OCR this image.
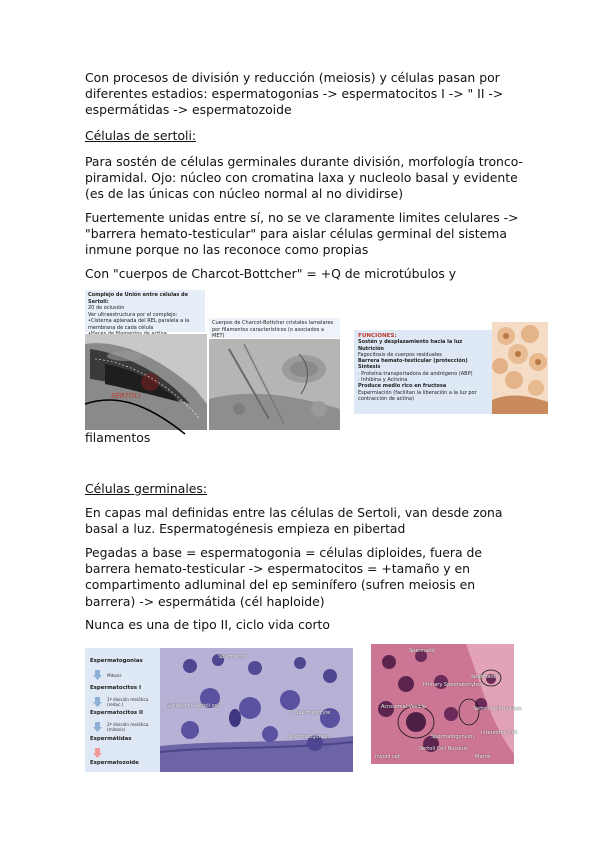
Con procesos de división y reducción (meiosis) y células pasan por diferentes estadios: espermatogonias -> espermatocitos I -> " II -> espermátidas -> espermatozoide

Células de sertoli:

Para sostén de células germinales durante división, morfología tronco-piramidal. Ojo: núcleo con cromatina laxa y nucleolo basal y evidente (es de las únicas con núcleo normal al no dividirse)

Fuertemente unidas entre sí, no se ve claramente limites celulares -> "barrera hemato-testicular" para aislar células germinal del sistema inmune porque no las reconoce como propias

Con "cuerpos de Charcot-Bottcher" = +Q de microtúbulos y

Complejo de Unión entre células de Sertoli:
20 de oclusión
Ver ultraestructura por el complejo:
•Cisterna aplanada del REL paralela a la membrana de cada célula
Cuerpos de Charcot-Bottcher cristales lamelares por filamentos característicos (o asociados a MET)
SERTOLI
FUNCIONES:
Sostén y desplazamiento hacia la luz
Nutrición
Fagocitosis de cuerpos residuales
Barrera hemato-testicular (protección)
Síntesis
· Proteína transportadora de andrógeno (ABP)
· Inhibina y Activina
Produce medio rico en fructosa
Espermiación (facilitan la liberación a la luz por contracción de actina)

filamentos

Células germinales:

En capas mal definidas entre las células de Sertoli, van desde zona basal a luz. Espermatogénesis empieza en pibertad

Pegadas a base = espermatogonia = células diploides, fuera de barrera hemato-testicular -> espermatocitos = +tamaño y en compartimento adluminal del ep seminífero (sufren meiosis en barrera) -> espermátida (cél haploide)

Nunca es una de tipo II, ciclo vida corto

Espermatogonias
Mitosis
Espermatocitos I
1ª división meiótica (reduc.)
Espermatocitos II
2ª división meiótica (mitosis)
Espermátidas
Espermatozoide
Spermatids
Nucleus of Sertoli cell
1° Spermatocyte
Spermatogonium
Spermatid
Primary Spermatocytes
Spermatid
Acrosomal Vesicle	Sertoli Cell Nucleus
Spermatogonium
Sertoli Cell Nucleus
Interstitial Cell
myoid cell	Matrix
